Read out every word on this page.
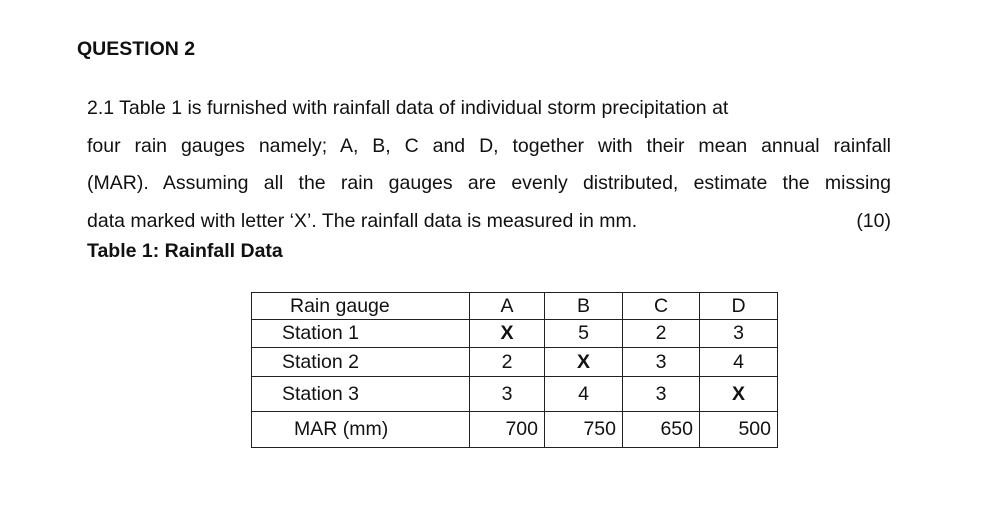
QUESTION 2
2.1 Table 1 is furnished with rainfall data of individual storm precipitation at
four rain gauges namely; A, B, C and D, together with their mean annual rainfall
(MAR). Assuming all the rain gauges are evenly distributed, estimate the missing
data marked with letter ‘X’. The rainfall data is measured in mm.	(10)
Table 1: Rainfall Data
Rain gauge	A	B	C	D
Station 1	X	5	2	3
Station 2	2	X	3	4
Station 3	3	4	3	X
MAR (mm)	700	750	650	500
